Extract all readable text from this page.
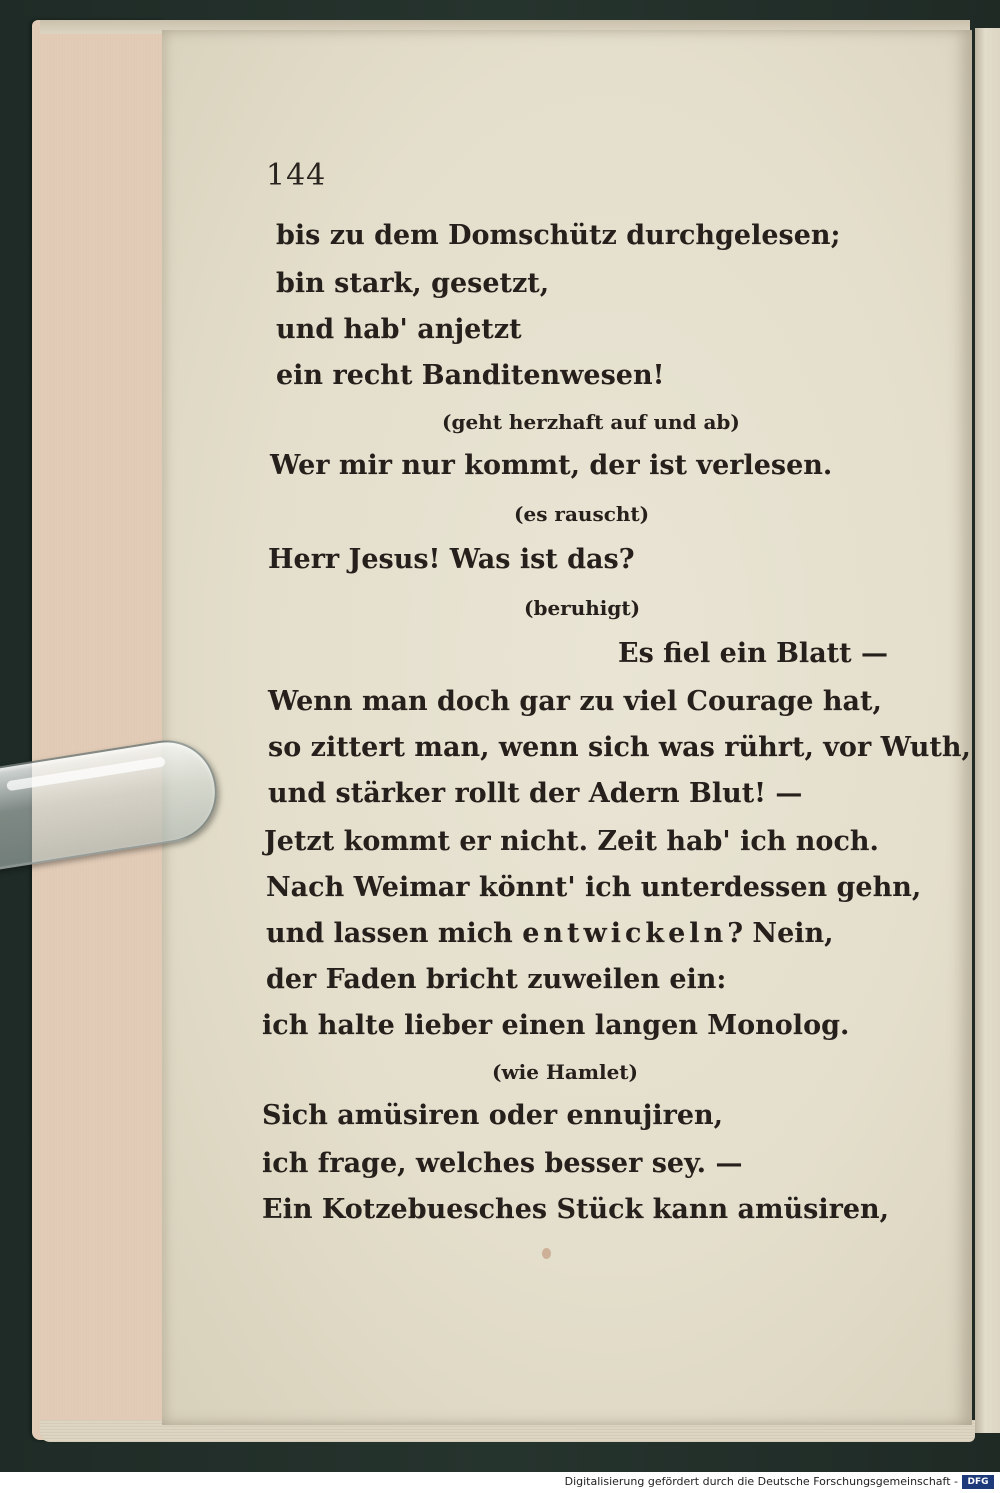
144
bis zu dem Domschütz durchgelesen;
bin stark, gesetzt,
und hab' anjetzt
ein recht Banditenwesen!
(geht herzhaft auf und ab)
Wer mir nur kommt, der ist verlesen.
(es rauscht)
Herr Jesus! Was ist das?
(beruhigt)
Es fiel ein Blatt —
Wenn man doch gar zu viel Courage hat,
so zittert man, wenn sich was rührt, vor Wuth,
und stärker rollt der Adern Blut! —
Jetzt kommt er nicht. Zeit hab' ich noch.
Nach Weimar könnt' ich unterdessen gehn,
und lassen mich entwickeln? Nein,
der Faden bricht zuweilen ein:
ich halte lieber einen langen Monolog.
(wie Hamlet)
Sich amüsiren oder ennujiren,
ich frage, welches besser sey. —
Ein Kotzebuesches Stück kann amüsiren,
Digitalisierung gefördert durch die Deutsche Forschungsgemeinschaft -	DFG
